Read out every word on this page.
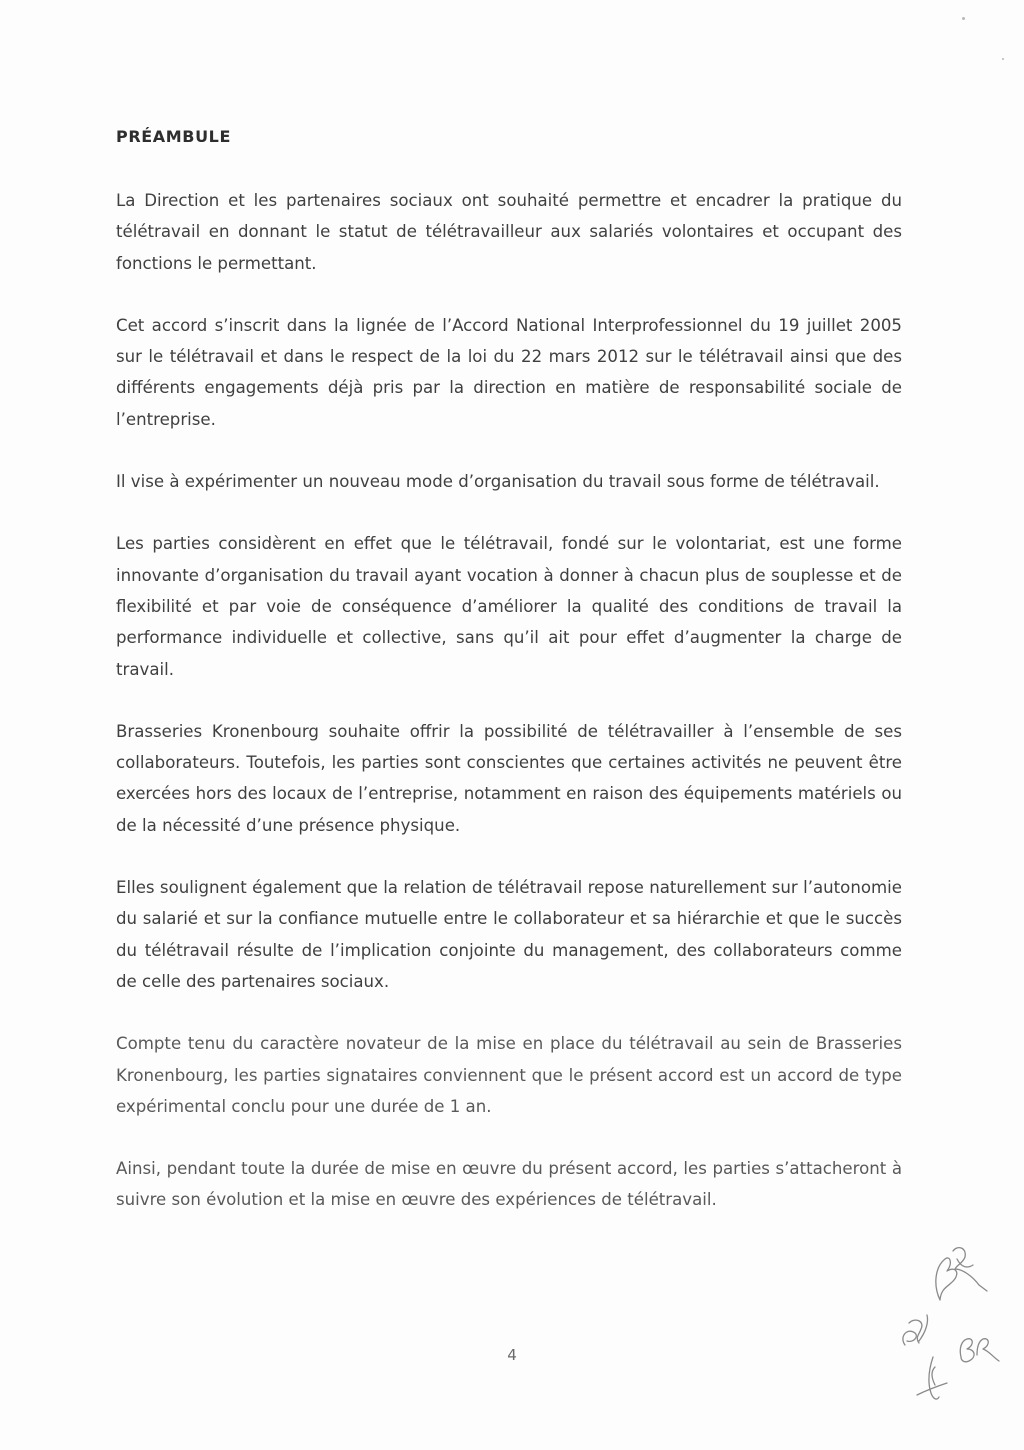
PRÉAMBULE

La Direction et les partenaires sociaux ont souhaité permettre et encadrer la pratique du télétravail en donnant le statut de télétravailleur aux salariés volontaires et occupant des fonctions le permettant.

Cet accord s’inscrit dans la lignée de l’Accord National Interprofessionnel du 19 juillet 2005 sur le télétravail et dans le respect de la loi du 22 mars 2012 sur le télétravail ainsi que des différents engagements déjà pris par la direction en matière de responsabilité sociale de l’entreprise.

Il vise à expérimenter un nouveau mode d’organisation du travail sous forme de télétravail.

Les parties considèrent en effet que le télétravail, fondé sur le volontariat, est une forme innovante d’organisation du travail ayant vocation à donner à chacun plus de souplesse et de flexibilité et par voie de conséquence d’améliorer la qualité des conditions de travail la performance individuelle et collective, sans qu’il ait pour effet d’augmenter la charge de travail.

Brasseries Kronenbourg souhaite offrir la possibilité de télétravailler à l’ensemble de ses collaborateurs. Toutefois, les parties sont conscientes que certaines activités ne peuvent être exercées hors des locaux de l’entreprise, notamment en raison des équipements matériels ou de la nécessité d’une présence physique.

Elles soulignent également que la relation de télétravail repose naturellement sur l’autonomie du salarié et sur la confiance mutuelle entre le collaborateur et sa hiérarchie et que le succès du télétravail résulte de l’implication conjointe du management, des collaborateurs comme de celle des partenaires sociaux.

Compte tenu du caractère novateur de la mise en place du télétravail au sein de Brasseries Kronenbourg, les parties signataires conviennent que le présent accord est un accord de type expérimental conclu pour une durée de 1 an.

Ainsi, pendant toute la durée de mise en œuvre du présent accord, les parties s’attacheront à suivre son évolution et la mise en œuvre des expériences de télétravail.

4
